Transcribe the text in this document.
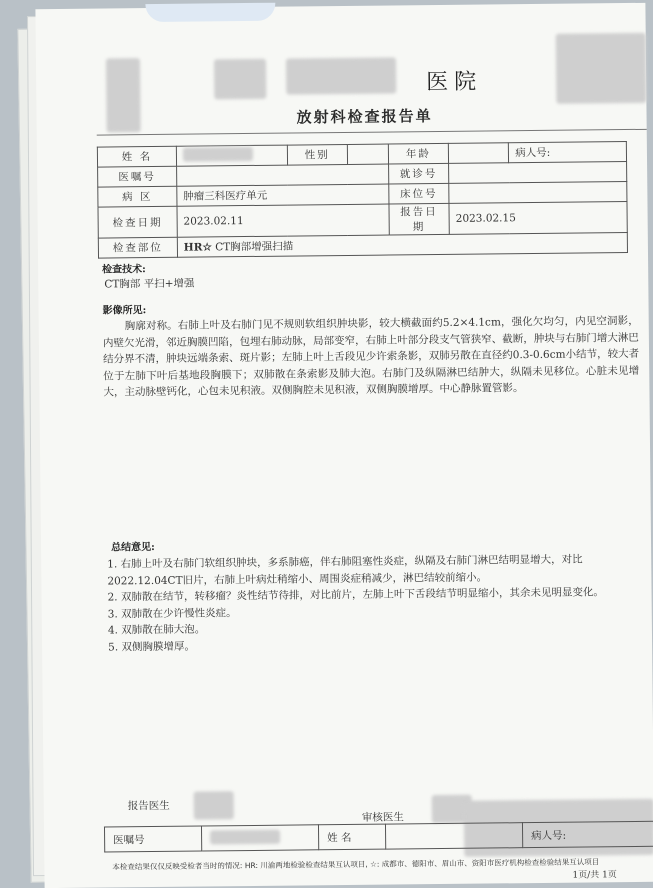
医院
放射科检查报告单
姓 名		性别		年龄		病人号:
医嘱号				就诊号		
病 区	肿瘤三科医疗单元			床位号		
检查日期	2023.02.11			报告日期	2023.02.15	
检查部位	HR☆ CT胸部增强扫描					
检查技术:
CT胸部 平扫+增强
影像所见:
胸廓对称。右肺上叶及右肺门见不规则软组织肿块影，较大横截面约5.2×4.1cm，强化欠均匀，内见空洞影，内壁欠光滑，邻近胸膜凹陷，包埋右肺动脉，局部变窄，右肺上叶部分段支气管狭窄、截断，肿块与右肺门增大淋巴结分界不清，肿块远端条索、斑片影；左肺上叶上舌段见少许索条影，双肺另散在直径约0.3-0.6cm小结节，较大者位于左肺下叶后基地段胸膜下；双肺散在条索影及肺大泡。右肺门及纵隔淋巴结肿大，纵隔未见移位。心脏未见增大，主动脉壁钙化，心包未见积液。双侧胸腔未见积液，双侧胸膜增厚。中心静脉置管影。
总结意见:

1. 右肺上叶及右肺门软组织肿块，多系肺癌，伴右肺阻塞性炎症，纵隔及右肺门淋巴结明显增大，对比2022.12.04CT旧片，右肺上叶病灶稍缩小、周围炎症稍减少，淋巴结较前缩小。

2. 双肺散在结节，转移瘤？炎性结节待排，对比前片，左肺上叶下舌段结节明显缩小，其余未见明显变化。

3. 双肺散在少许慢性炎症。

4. 双肺散在肺大泡。

5. 双侧胸膜增厚。

报告医生
审核医生
医嘱号		姓 名		病人号:
本检查结果仅仅反映受检者当时的情况: HR: 川渝两地检验检查结果互认项目, ☆: 成都市、德阳市、眉山市、资阳市医疗机构检查检验结果互认项目
1页/共 1页
